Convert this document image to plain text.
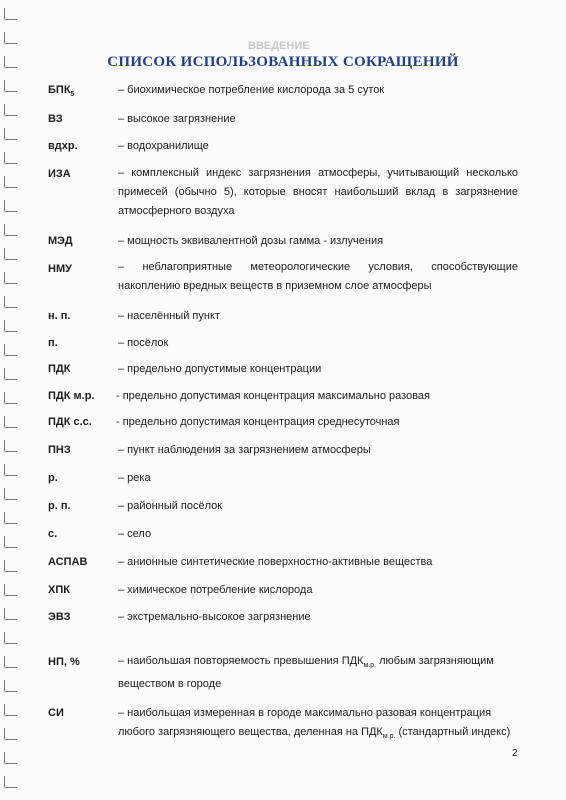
ВВЕДЕНИЕ
СПИСОК ИСПОЛЬЗОВАННЫХ СОКРАЩЕНИЙ
$БПК_5$	– биохимическое потребление кислорода за 5 суток
ВЗ	– высокое загрязнение
вдхр.	– водохранилище
ИЗА	– комплексный индекс загрязнения атмосферы, учитывающий несколько примесей (обычно 5), которые вносят наибольший вклад в загрязнение атмосферного воздуха
МЭД	– мощность эквивалентной дозы гамма - излучения
НМУ	– неблагоприятные метеорологические условия, способствующие накоплению вредных веществ в приземном слое атмосферы
н. п.	– населённый пункт
п.	– посёлок
ПДК	– предельно допустимые концентрации
ПДК м.р. - предельно допустимая концентрация максимально разовая
ПДК с.с. - предельно допустимая концентрация среднесуточная
ПНЗ	– пункт наблюдения за загрязнением атмосферы
р.	– река
р. п.	– районный посёлок
с.	– село
АСПАВ	– анионные синтетические поверхностно-активные вещества
ХПК	– химическое потребление кислорода
ЭВЗ	– экстремально-высокое загрязнение
НП, %	– наибольшая повторяемость превышения $ПДК_{м.р.}$ любым загрязняющим веществом в городе
СИ	– наибольшая измеренная в городе максимально разовая концентрация любого загрязняющего вещества, деленная на $ПДК_{м.р.}$ (стандартный индекс)
2
